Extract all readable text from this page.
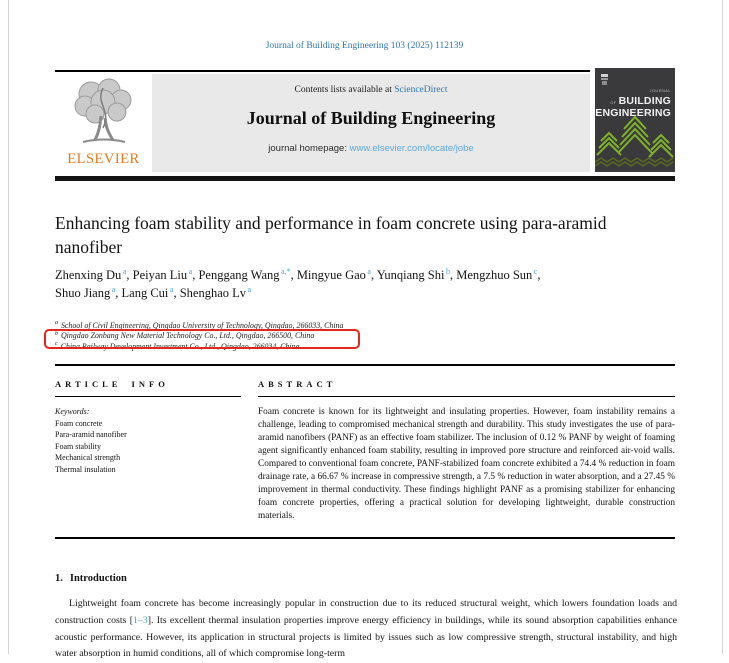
Journal of Building Engineering 103 (2025) 112139
ELSEVIER
Contents lists available at ScienceDirect
Journal of Building Engineering
journal homepage: www.elsevier.com/locate/jobe
JOURNAL OF BUILDING
ENGINEERING
Enhancing foam stability and performance in foam concrete using para-aramid nanofiber
Zhenxing Du $^a$, Peiyan Liu $^a$, Penggang Wang $^{a,*}$, Mingyue Gao $^a$, Yunqiang Shi $^b$, Mengzhuo Sun $^c$, Shuo Jiang $^a$, Lang Cui $^a$, Shenghao Lv $^a$
$^a$ School of Civil Engineering, Qingdao University of Technology, Qingdao, 266033, China
$^b$ Qingdao Zonbang New Material Technology Co., Ltd., Qingdao, 266500, China
$^c$ China Railway Development Investment Co., Ltd., Qingdao, 266034, China
ARTICLE INFO
Keywords:
Foam concrete
Para-aramid nanofiber
Foam stability
Mechanical strength
Thermal insulation
ABSTRACT
Foam concrete is known for its lightweight and insulating properties. However, foam instability remains a challenge, leading to compromised mechanical strength and durability. This study investigates the use of para-aramid nanofibers (PANF) as an effective foam stabilizer. The inclusion of 0.12 % PANF by weight of foaming agent significantly enhanced foam stability, resulting in improved pore structure and reinforced air-void walls. Compared to conventional foam concrete, PANF-stabilized foam concrete exhibited a 74.4 % reduction in foam drainage rate, a 66.67 % increase in compressive strength, a 7.5 % reduction in water absorption, and a 27.45 % improvement in thermal conductivity. These findings highlight PANF as a promising stabilizer for enhancing foam concrete properties, offering a practical solution for developing lightweight, durable construction materials.
1. Introduction
Lightweight foam concrete has become increasingly popular in construction due to its reduced structural weight, which lowers foundation loads and construction costs [1–3]. Its excellent thermal insulation properties improve energy efficiency in buildings, while its sound absorption capabilities enhance acoustic performance. However, its application in structural projects is limited by issues such as low compressive strength, structural instability, and high water absorption in humid conditions, all of which compromise long-term
